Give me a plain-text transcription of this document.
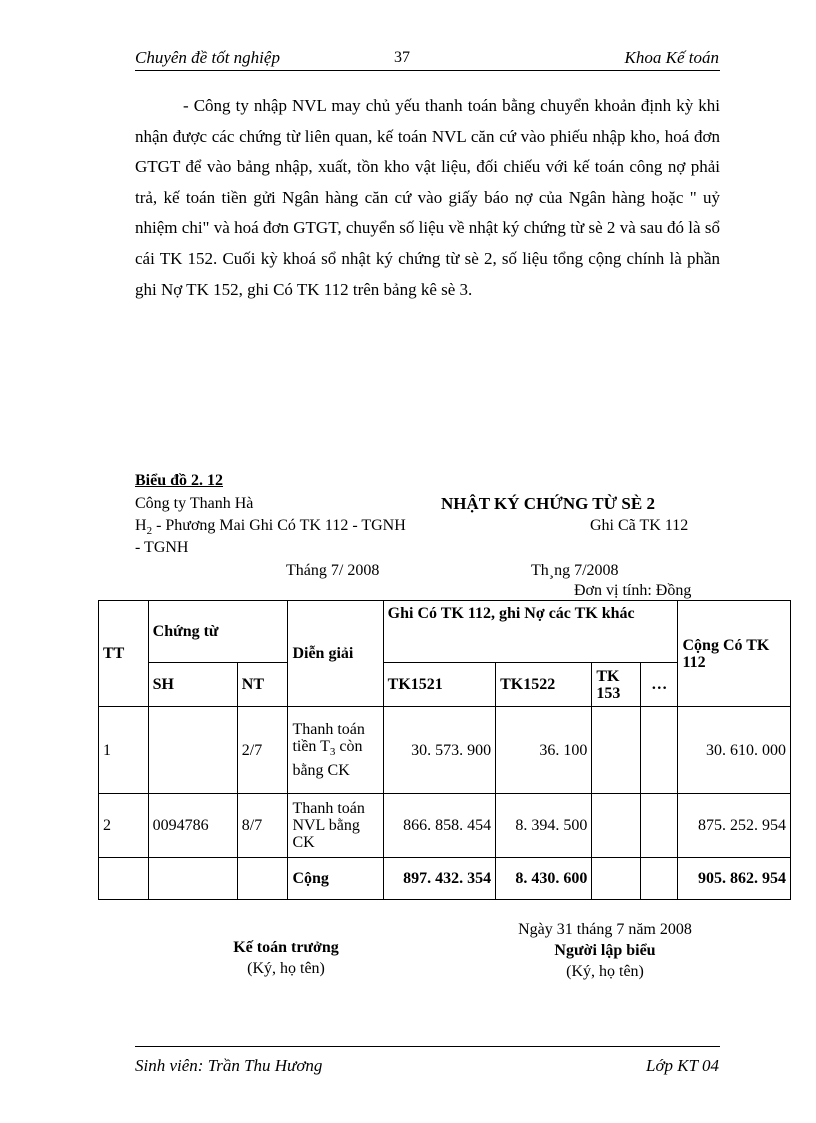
Chuyên đề tốt nghiệp	37	Khoa Kế toán

- Công ty nhập NVL may chủ yếu thanh toán bằng chuyển khoản định kỳ khi nhận được các chứng từ liên quan, kế toán NVL căn cứ vào phiếu nhập kho, hoá đơn GTGT để vào bảng nhập, xuất, tồn kho vật liệu, đối chiếu với kế toán công nợ phải trả, kế toán tiền gửi Ngân hàng căn cứ vào giấy báo nợ của Ngân hàng hoặc " uỷ nhiệm chi" và hoá đơn GTGT, chuyển số liệu về nhật ký chứng từ sè 2 và sau đó là sổ cái TK 152. Cuối kỳ khoá sổ nhật ký chứng từ sè 2, số liệu tổng cộng chính là phần ghi Nợ TK 152, ghi Có TK 112 trên bảng kê sè 3.

Biểu đồ 2. 12
Công ty Thanh Hà	NHẬT KÝ CHỨNG TỪ SÈ 2
$H_2$ - Phương Mai Ghi Có TK 112 - TGNH	Ghi Cã TK 112
- TGNH
Tháng 7/ 2008	Th¸ng 7/2008
Đơn vị tính: Đồng
TT	Chứng từ		Diễn giải	Ghi Có TK 112, ghi Nợ các TK khác				Cộng Có TK 112
	SH	NT		TK1521	TK1522	TK 153	…	
1		2/7	Thanh toán tiền $T_3$ còn bằng CK	30. 573. 900	36. 100			30. 610. 000
2	0094786	8/7	Thanh toán NVL bằng CK	866. 858. 454	8. 394. 500			875. 252. 954
			Cộng	897. 432. 354	8. 430. 600			905. 862. 954
Ngày 31 tháng 7 năm 2008
Kế toán trưởng
(Ký, họ tên)
Người lập biểu
(Ký, họ tên)
Sinh viên: Trần Thu Hương	Lớp KT 04
